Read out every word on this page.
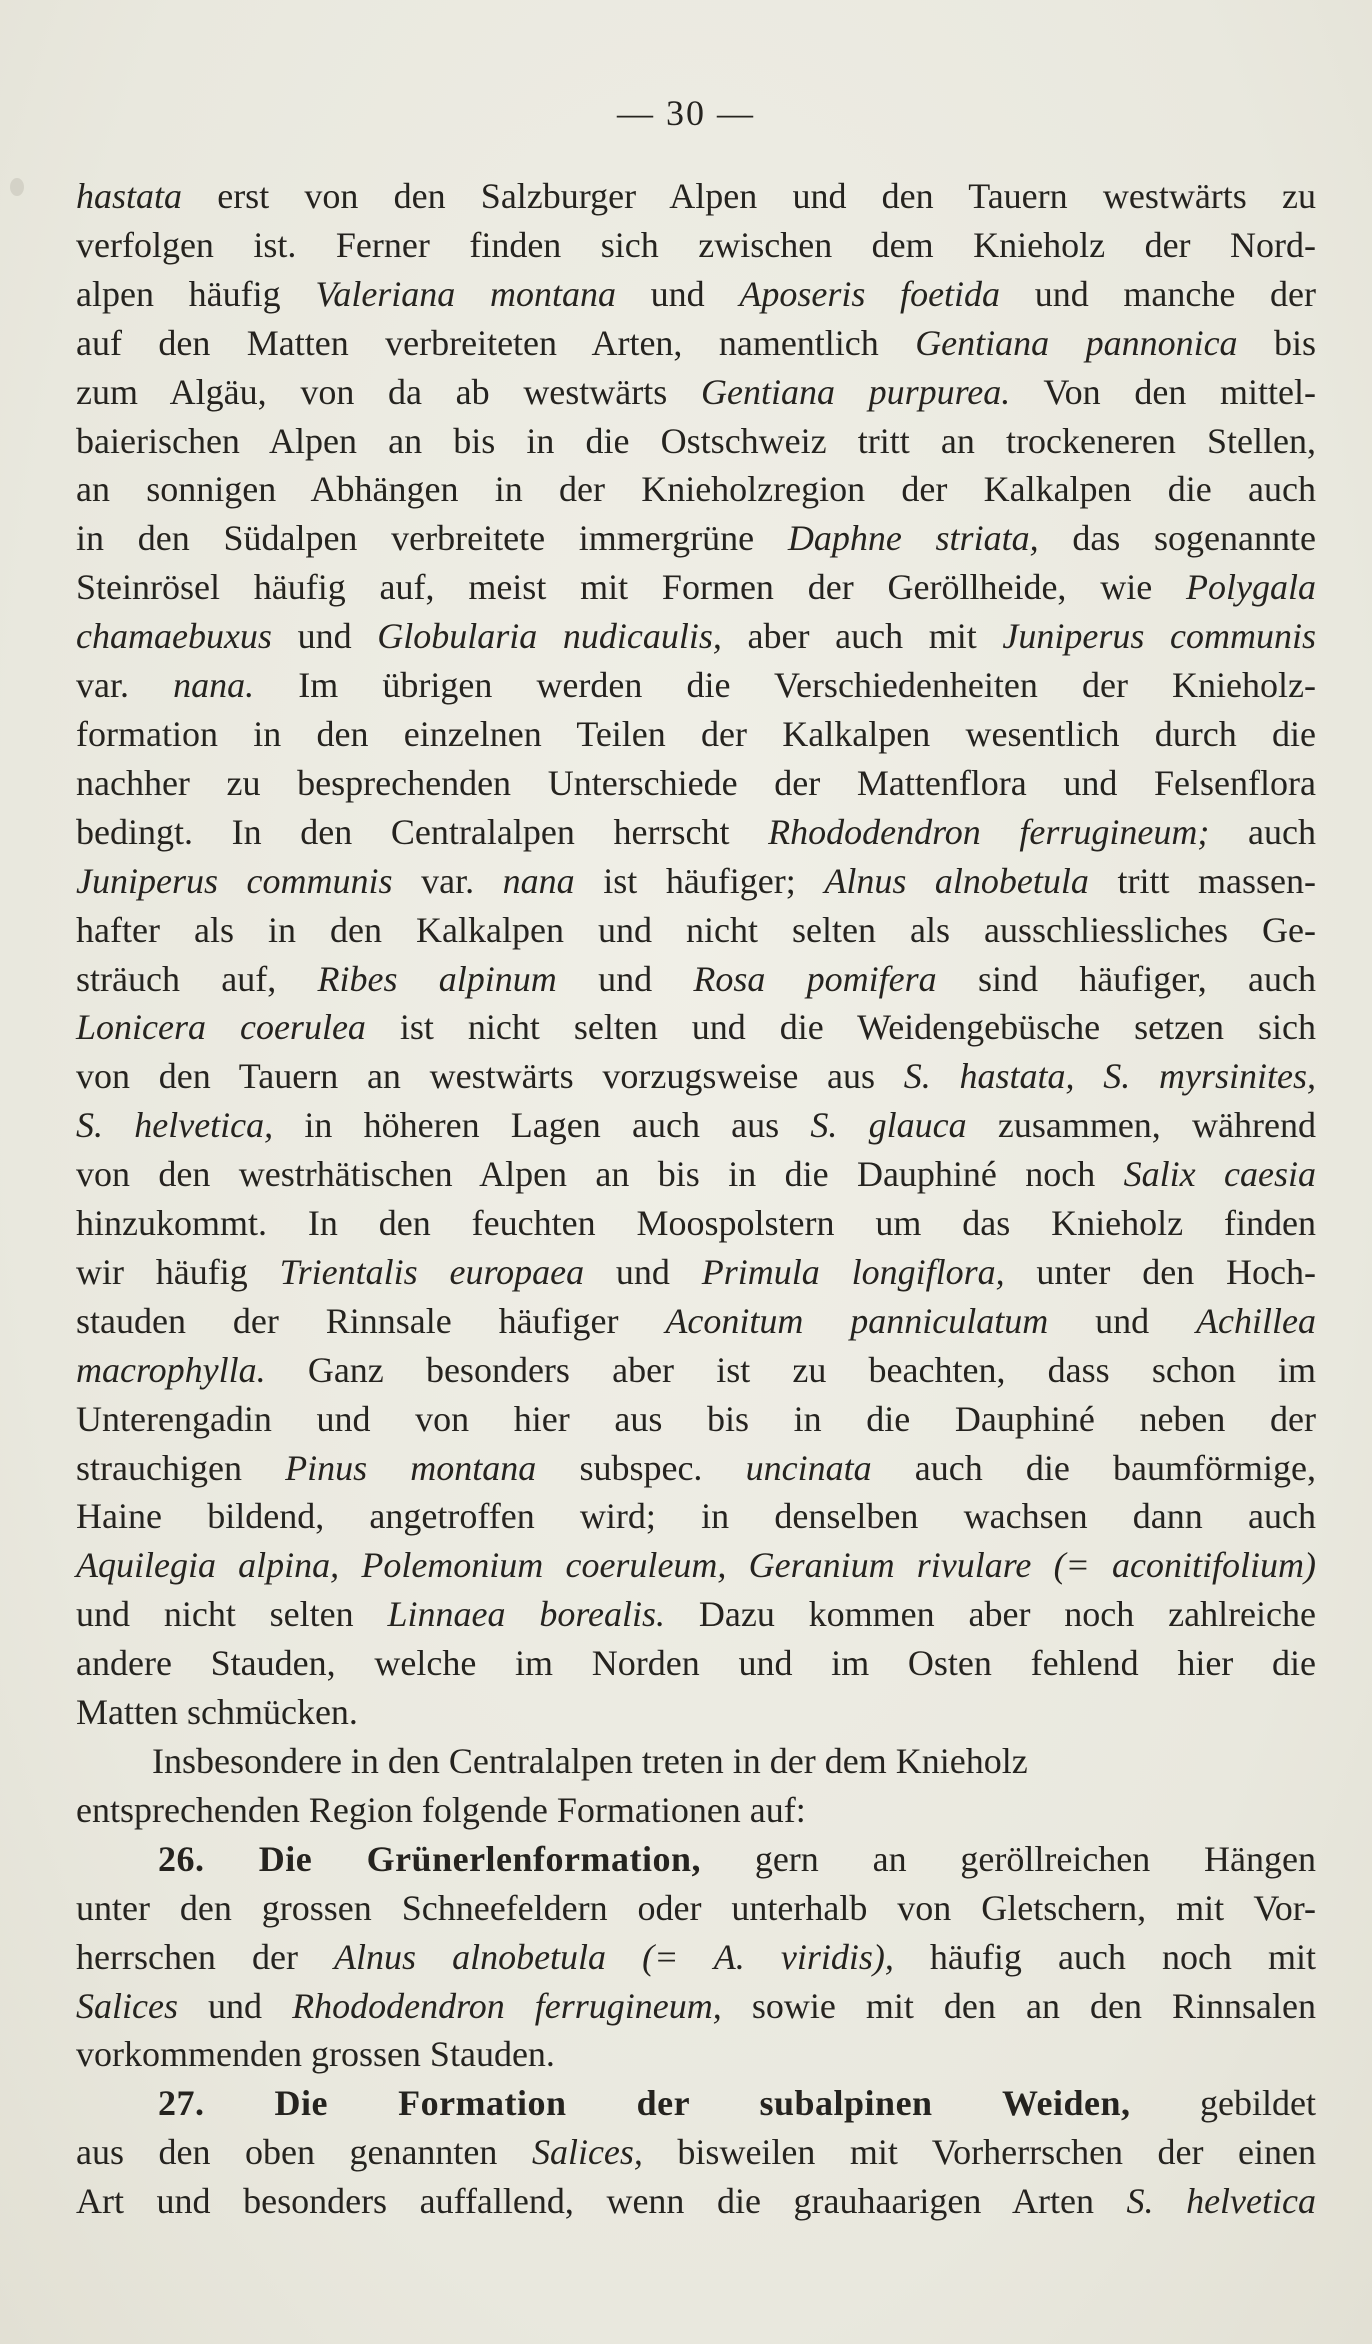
— 30 —
hastata erst von den Salzburger Alpen und den Tauern westwärts zu
verfolgen ist. Ferner finden sich zwischen dem Knieholz der Nord-
alpen häufig Valeriana montana und Aposeris foetida und manche der
auf den Matten verbreiteten Arten, namentlich Gentiana pannonica bis
zum Algäu, von da ab westwärts Gentiana purpurea. Von den mittel-
baierischen Alpen an bis in die Ostschweiz tritt an trockeneren Stellen,
an sonnigen Abhängen in der Knieholzregion der Kalkalpen die auch
in den Südalpen verbreitete immergrüne Daphne striata, das sogenannte
Steinrösel häufig auf, meist mit Formen der Geröllheide, wie Polygala
chamaebuxus und Globularia nudicaulis, aber auch mit Juniperus communis
var. nana. Im übrigen werden die Verschiedenheiten der Knieholz-
formation in den einzelnen Teilen der Kalkalpen wesentlich durch die
nachher zu besprechenden Unterschiede der Mattenflora und Felsenflora
bedingt. In den Centralalpen herrscht Rhododendron ferrugineum; auch
Juniperus communis var. nana ist häufiger; Alnus alnobetula tritt massen-
hafter als in den Kalkalpen und nicht selten als ausschliessliches Ge-
sträuch auf, Ribes alpinum und Rosa pomifera sind häufiger, auch
Lonicera coerulea ist nicht selten und die Weidengebüsche setzen sich
von den Tauern an westwärts vorzugsweise aus S. hastata, S. myrsinites,
S. helvetica, in höheren Lagen auch aus S. glauca zusammen, während
von den westrhätischen Alpen an bis in die Dauphiné noch Salix caesia
hinzukommt. In den feuchten Moospolstern um das Knieholz finden
wir häufig Trientalis europaea und Primula longiflora, unter den Hoch-
stauden der Rinnsale häufiger Aconitum panniculatum und Achillea
macrophylla. Ganz besonders aber ist zu beachten, dass schon im
Unterengadin und von hier aus bis in die Dauphiné neben der
strauchigen Pinus montana subspec. uncinata auch die baumförmige,
Haine bildend, angetroffen wird; in denselben wachsen dann auch
Aquilegia alpina, Polemonium coeruleum, Geranium rivulare (= aconitifolium)
und nicht selten Linnaea borealis. Dazu kommen aber noch zahlreiche
andere Stauden, welche im Norden und im Osten fehlend hier die
Matten schmücken.
Insbesondere in den Centralalpen treten in der dem Knieholz
entsprechenden Region folgende Formationen auf:
26. Die Grünerlenformation, gern an geröllreichen Hängen
unter den grossen Schneefeldern oder unterhalb von Gletschern, mit Vor-
herrschen der Alnus alnobetula (= A. viridis), häufig auch noch mit
Salices und Rhododendron ferrugineum, sowie mit den an den Rinnsalen
vorkommenden grossen Stauden.
27. Die Formation der subalpinen Weiden, gebildet
aus den oben genannten Salices, bisweilen mit Vorherrschen der einen
Art und besonders auffallend, wenn die grauhaarigen Arten S. helvetica
